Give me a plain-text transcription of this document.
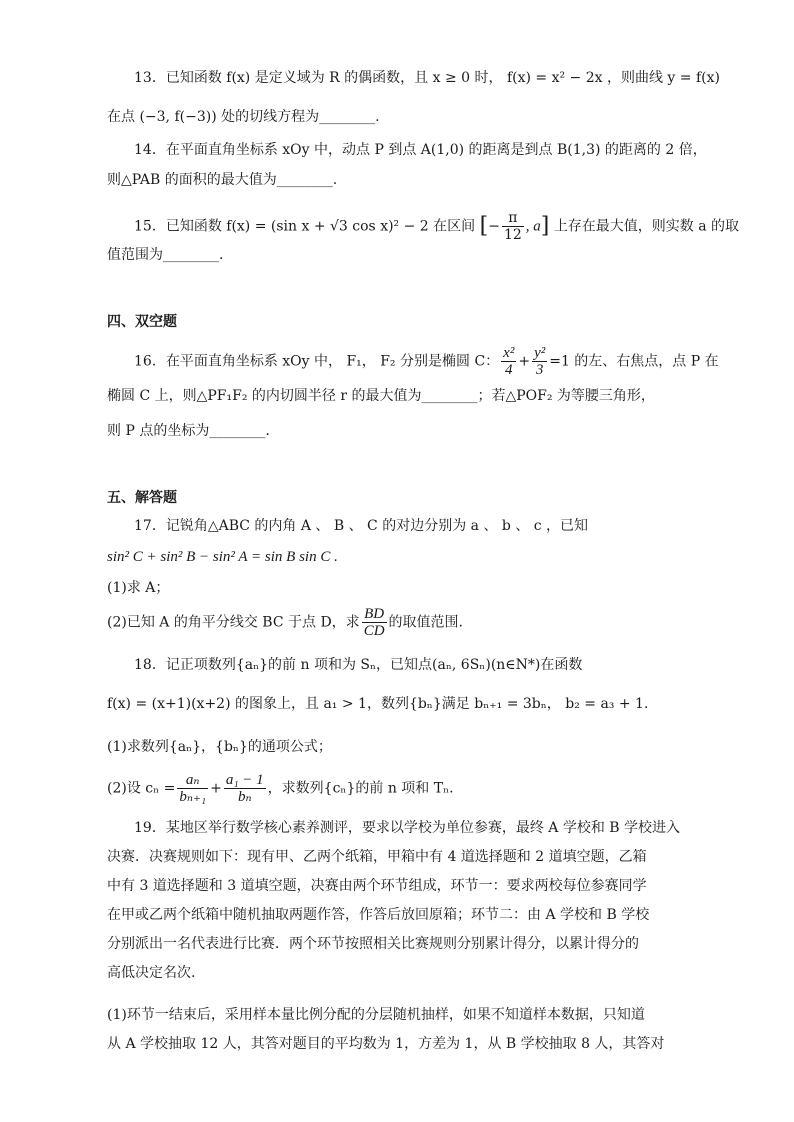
13．已知函数 f(x) 是定义域为 R 的偶函数，且 x ≥ 0 时， f(x) = x² − 2x ，则曲线 y = f(x)
在点 (−3, f(−3)) 处的切线方程为________.
14．在平面直角坐标系 xOy 中，动点 P 到点 A(1,0) 的距离是到点 B(1,3) 的距离的 2 倍，
则△PAB 的面积的最大值为________.
15．已知函数 f(x) = (sin x + √3 cos x)² − 2 在区间 [− $\frac{\pi}{12}$ , a] 上存在最大值，则实数 a 的取
值范围为________.
四、双空题
16．在平面直角坐标系 xOy 中， F₁， F₂ 分别是椭圆 C： $\frac{\text{x²}}{4} + \frac{\text{y²}}{3} =1$ 的左、右焦点，点 P 在
椭圆 C 上，则△PF₁F₂ 的内切圆半径 r 的最大值为________；若△POF₂ 为等腰三角形，
则 P 点的坐标为________.
五、解答题
17．记锐角△ABC 的内角 A 、 B 、 C 的对边分别为 a 、 b 、 c ，已知
sin² C + sin² B − sin² A = sin B sin C .
(1)求 A；
(2)已知 A 的角平分线交 BC 于点 D，求 $\frac{BD}{CD}$ 的取值范围.
18．记正项数列{aₙ}的前 n 项和为 Sₙ，已知点(aₙ, 6Sₙ)(n∈N*)在函数
f(x) = (x+1)(x+2) 的图象上，且 a₁ > 1，数列{bₙ}满足 bₙ₊₁ = 3bₙ， b₂ = a₃ + 1.
(1)求数列{aₙ}，{bₙ}的通项公式；
(2)设 $c_n = \frac{\text{aₙ}}{\text{bₙ₊₁}} + \frac{\text{a₁ − 1}}{\text{bₙ}}$ ，求数列{cₙ}的前 n 项和 Tₙ.
19．某地区举行数学核心素养测评，要求以学校为单位参赛，最终 A 学校和 B 学校进入
决赛．决赛规则如下：现有甲、乙两个纸箱，甲箱中有 4 道选择题和 2 道填空题，乙箱
中有 3 道选择题和 3 道填空题，决赛由两个环节组成，环节一：要求两校每位参赛同学
在甲或乙两个纸箱中随机抽取两题作答，作答后放回原箱；环节二：由 A 学校和 B 学校
分别派出一名代表进行比赛．两个环节按照相关比赛规则分别累计得分，以累计得分的
高低决定名次.
(1)环节一结束后，采用样本量比例分配的分层随机抽样，如果不知道样本数据，只知道
从 A 学校抽取 12 人，其答对题目的平均数为 1，方差为 1，从 B 学校抽取 8 人，其答对
